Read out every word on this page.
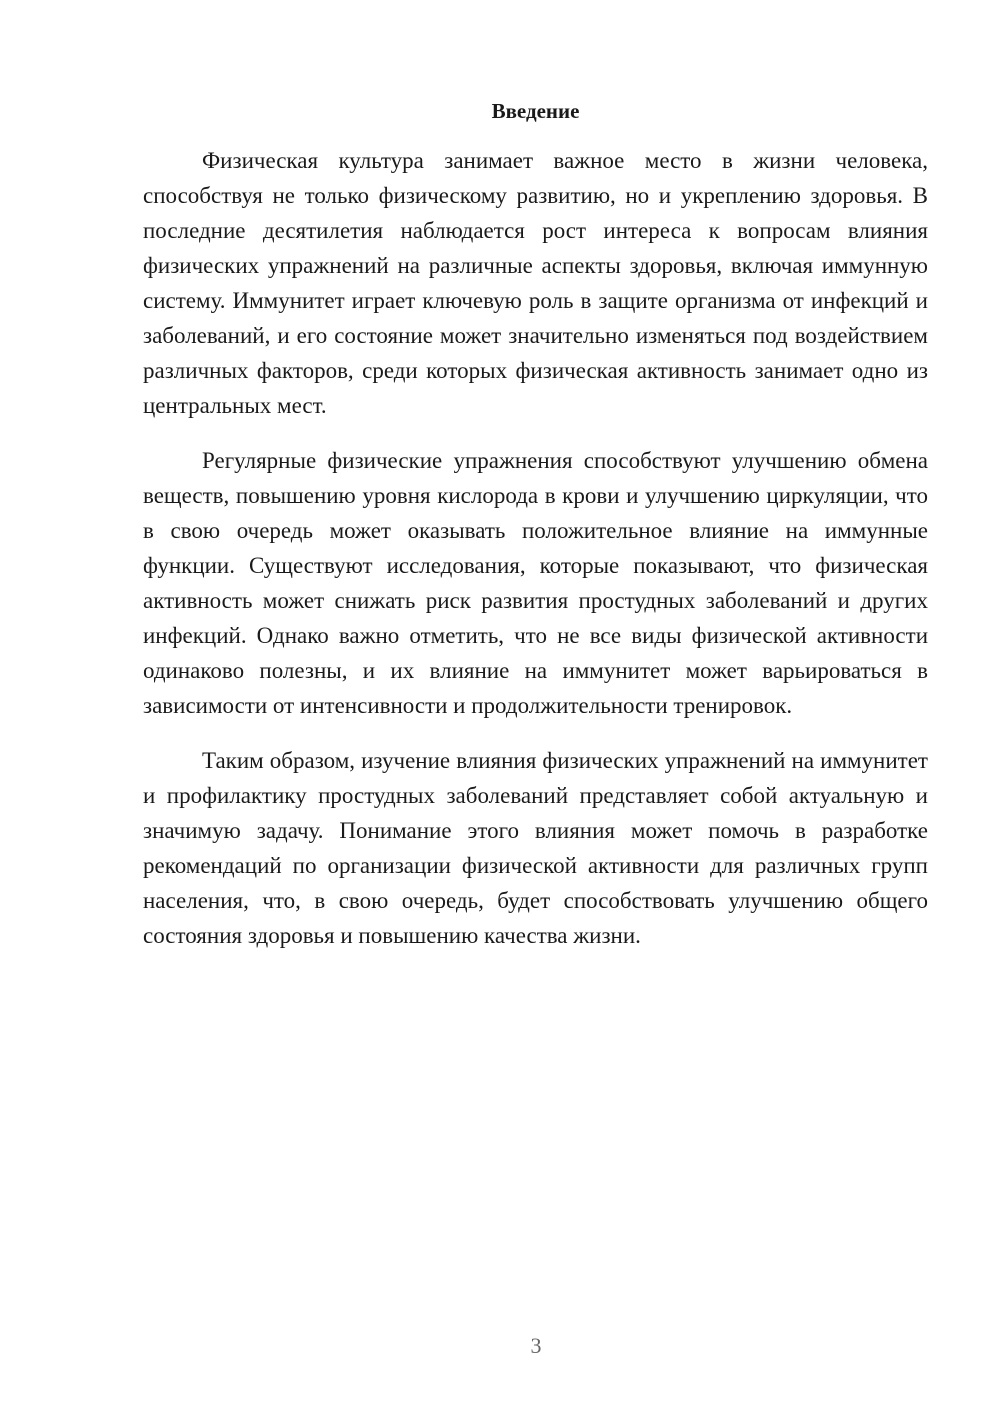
Введение

Физическая культура занимает важное место в жизни человека, способствуя не только физическому развитию, но и укреплению здоровья. В последние десятилетия наблюдается рост интереса к вопросам влияния физических упражнений на различные аспекты здоровья, включая иммунную систему. Иммунитет играет ключевую роль в защите организма от инфекций и заболеваний, и его состояние может значительно изменяться под воздействием различных факторов, среди которых физическая активность занимает одно из центральных мест.

Регулярные физические упражнения способствуют улучшению обмена веществ, повышению уровня кислорода в крови и улучшению циркуляции, что в свою очередь может оказывать положительное влияние на иммунные функции. Существуют исследования, которые показывают, что физическая активность может снижать риск развития простудных заболеваний и других инфекций. Однако важно отметить, что не все виды физической активности одинаково полезны, и их влияние на иммунитет может варьироваться в зависимости от интенсивности и продолжительности тренировок.

Таким образом, изучение влияния физических упражнений на иммунитет и профилактику простудных заболеваний представляет собой актуальную и значимую задачу. Понимание этого влияния может помочь в разработке рекомендаций по организации физической активности для различных групп населения, что, в свою очередь, будет способствовать улучшению общего состояния здоровья и повышению качества жизни.

3
